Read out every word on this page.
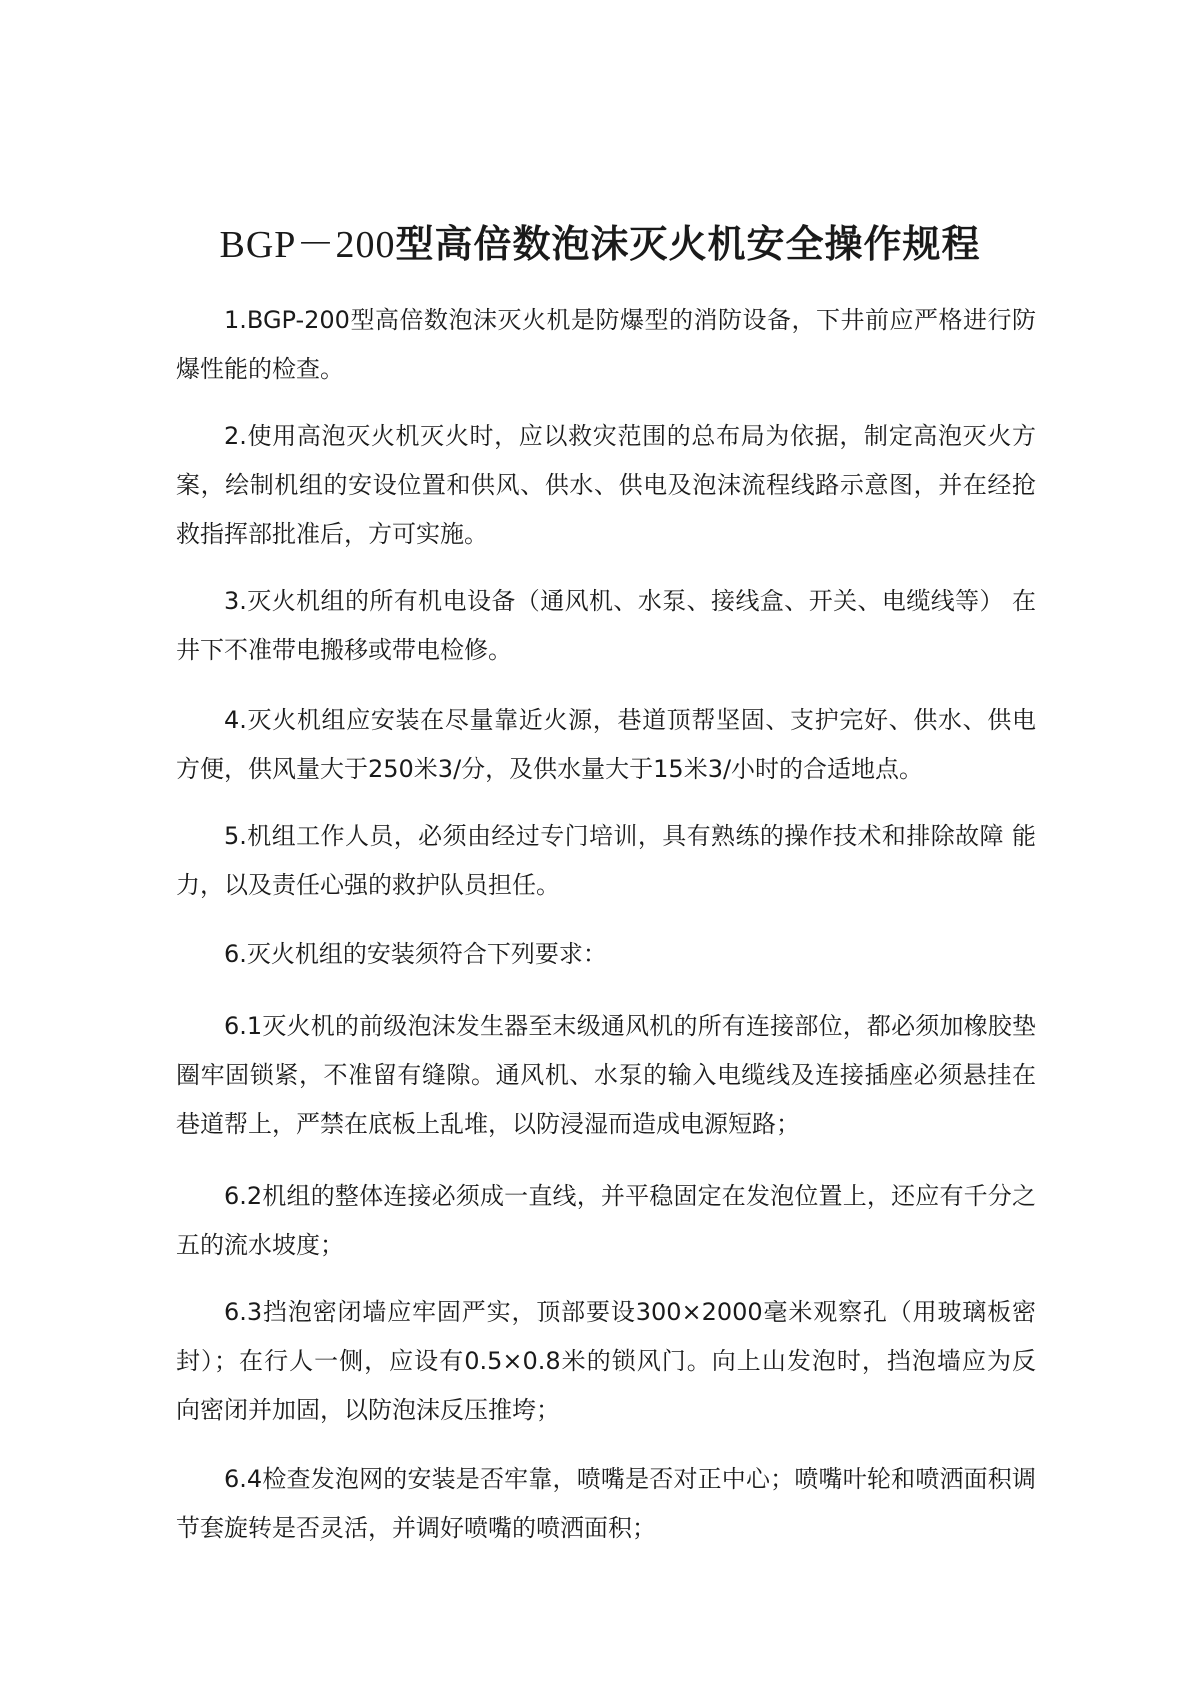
BGP－200型高倍数泡沫灭火机安全操作规程

1.BGP-200型高倍数泡沫灭火机是防爆型的消防设备，下井前应严格进行防 爆性能的检查。

2.使用高泡灭火机灭火时，应以救灾范围的总布局为依据，制定高泡灭火方 案，绘制机组的安设位置和供风、供水、供电及泡沫流程线路示意图，并在经抢救指挥部批准后，方可实施。

3.灭火机组的所有机电设备（通风机、水泵、接线盒、开关、电缆线等） 在井下不准带电搬移或带电检修。

4.灭火机组应安装在尽量靠近火源，巷道顶帮坚固、支护完好、供水、供电方便，供风量大于250米3/分，及供水量大于15米3/小时的合适地点。

5.机组工作人员，必须由经过专门培训，具有熟练的操作技术和排除故障 能力，以及责任心强的救护队员担任。

6.灭火机组的安装须符合下列要求：

6.1灭火机的前级泡沫发生器至末级通风机的所有连接部位，都必须加橡胶垫圈牢固锁紧，不准留有缝隙。通风机、水泵的输入电缆线及连接插座必须悬挂在巷道帮上，严禁在底板上乱堆，以防浸湿而造成电源短路；

6.2机组的整体连接必须成一直线，并平稳固定在发泡位置上，还应有千分之五的流水坡度；

6.3挡泡密闭墙应牢固严实，顶部要设300×2000毫米观察孔（用玻璃板密封）；在行人一侧，应设有0.5×0.8米的锁风门。向上山发泡时，挡泡墙应为反 向密闭并加固，以防泡沫反压推垮；

6.4检查发泡网的安装是否牢靠，喷嘴是否对正中心；喷嘴叶轮和喷洒面积调节套旋转是否灵活，并调好喷嘴的喷洒面积；
